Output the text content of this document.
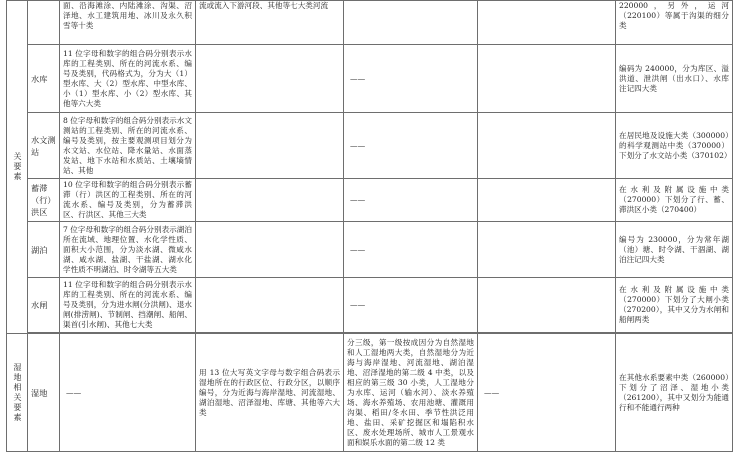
关要素		面、沿海滩涂、内陆滩涂、沟渠、沼泽地、水工建筑用地、冰川及永久积雪等十类	流或流入下游河段、其他等七大类河流			220000，另外，运河（220100）等属于沟渠的细分类
	水库	11 位字母和数字的组合码分别表示水库的工程类别、所在的河流水系、编号及类别，代码格式为，分为大（1）型水库、大（2）型水库、中型水库、小（1）型水库、小（2）型水库、其他等六大类		——		编码为 240000，分为库区、溢洪道、泄洪闸（出水口）、水库注记四大类
	水文测站	8 位字母和数字的组合码分别表示水文测站的工程类别、所在的河流水系、编号及类别，按主要观测项目划分为水文站、水位站、降水量站、水面蒸发站、地下水站和水质站、土壤墒情站、其他		——		在居民地及设施大类（300000）的科学观测站中类（370000）下划分了水文站小类（370102）
	蓄滞（行）洪区	10 位字母和数字的组合码分别表示蓄滞（行）洪区的工程类别、所在的河流水系、编号及类别，分为蓄滞洪区、行洪区、其他三大类		——		在水利及附属设施中类（270000）下划分了行、蓄、滞洪区小类（270400）
	湖泊	7 位字母和数字的组合码分别表示湖泊所在流域、地理位置、水化学性质、面积大小范围，分为淡水湖、微咸水湖、咸水湖、盐湖、干盐湖、湖水化学性质不明湖泊、时令湖等五大类		——		编号为 230000，分为常年湖（池）塘、时令湖、干涸湖、湖泊注记四大类
	水闸	11 位字母和数字的组合码分别表示水库的工程类别、所在的河流水系、编号及类别，分为进水闸(分洪闸)、退水闸(排涝闸)、节制闸、挡潮闸、船闸、渠首(引水闸)、其他七大类		——		在水利及附属设施中类（270000）下划分了大闸小类（270200），其中又分为水闸和船闸两类

湿地相关要素	湿地	——	用 13 位大写英文字母与数字组合码表示湿地所在的行政区位、行政分区，以顺序编号，分为近海与海岸湿地、河流湿地、湖泊湿地、沼泽湿地、库塘、其他等六大类	分三级，第一级按成因分为自然湿地和人工湿地两大类，自然湿地分为近海与海岸湿地、河流湿地、湖泊湿地、沼泽湿地的第二级 4 中类，以及相应的第三级 30 小类，人工湿地分为水库、运河（输水河）、淡水养殖场、海水养殖场、农用池塘、灌溉用沟渠、稻田/冬水田、季节性洪泛用地、盐田、采矿挖掘区和塌陷积水区、废水处理场所、城市人工景观水面和娱乐水面的第二级 12 类	——	在其他水系要素中类（260000）下划分了沼泽、湿地小类（261200），其中又划分为能通行和不能通行两种
